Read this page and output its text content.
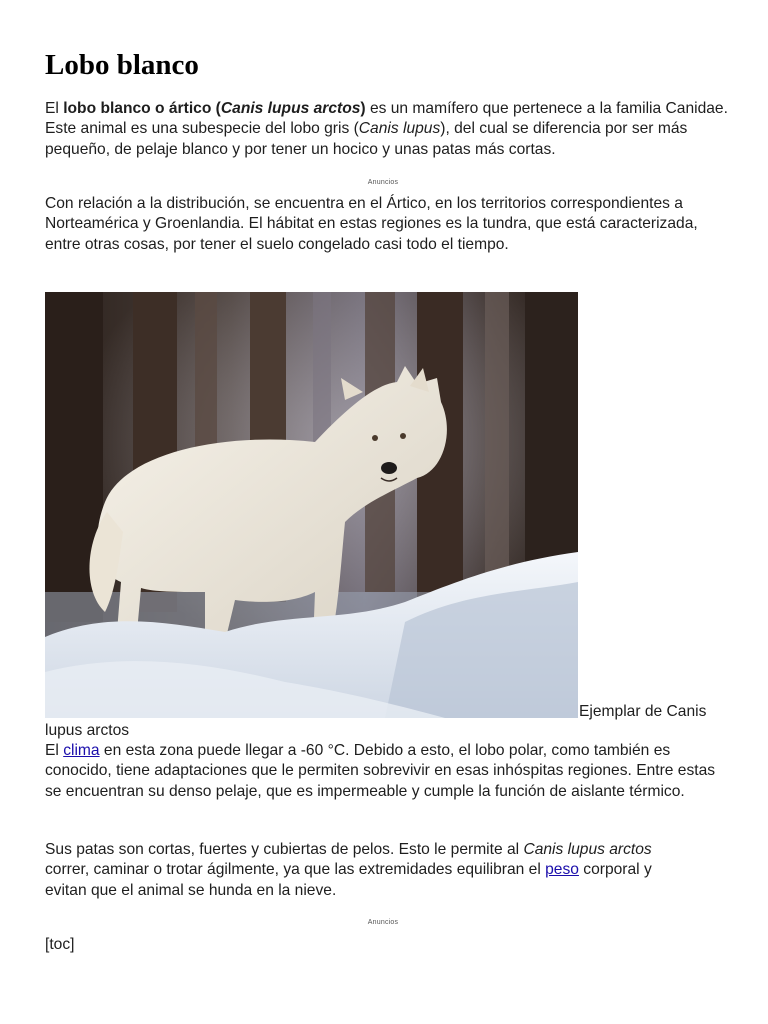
Lobo blanco

El lobo blanco o ártico (Canis lupus arctos) es un mamífero que pertenece a la familia Canidae. Este animal es una subespecie del lobo gris (Canis lupus), del cual se diferencia por ser más pequeño, de pelaje blanco y por tener un hocico y unas patas más cortas.

Anuncios

Con relación a la distribución, se encuentra en el Ártico, en los territorios correspondientes a Norteamérica y Groenlandia. El hábitat en estas regiones es la tundra, que está caracterizada, entre otras cosas, por tener el suelo congelado casi todo el tiempo.

Ejemplar de Canis
lupus arctos

El clima en esta zona puede llegar a -60 °C. Debido a esto, el lobo polar, como también es conocido, tiene adaptaciones que le permiten sobrevivir en esas inhóspitas regiones. Entre estas se encuentran su denso pelaje, que es impermeable y cumple la función de aislante térmico.

Sus patas son cortas, fuertes y cubiertas de pelos. Esto le permite al Canis lupus arctos correr, caminar o trotar ágilmente, ya que las extremidades equilibran el peso corporal y evitan que el animal se hunda en la nieve.

Anuncios
[toc]
